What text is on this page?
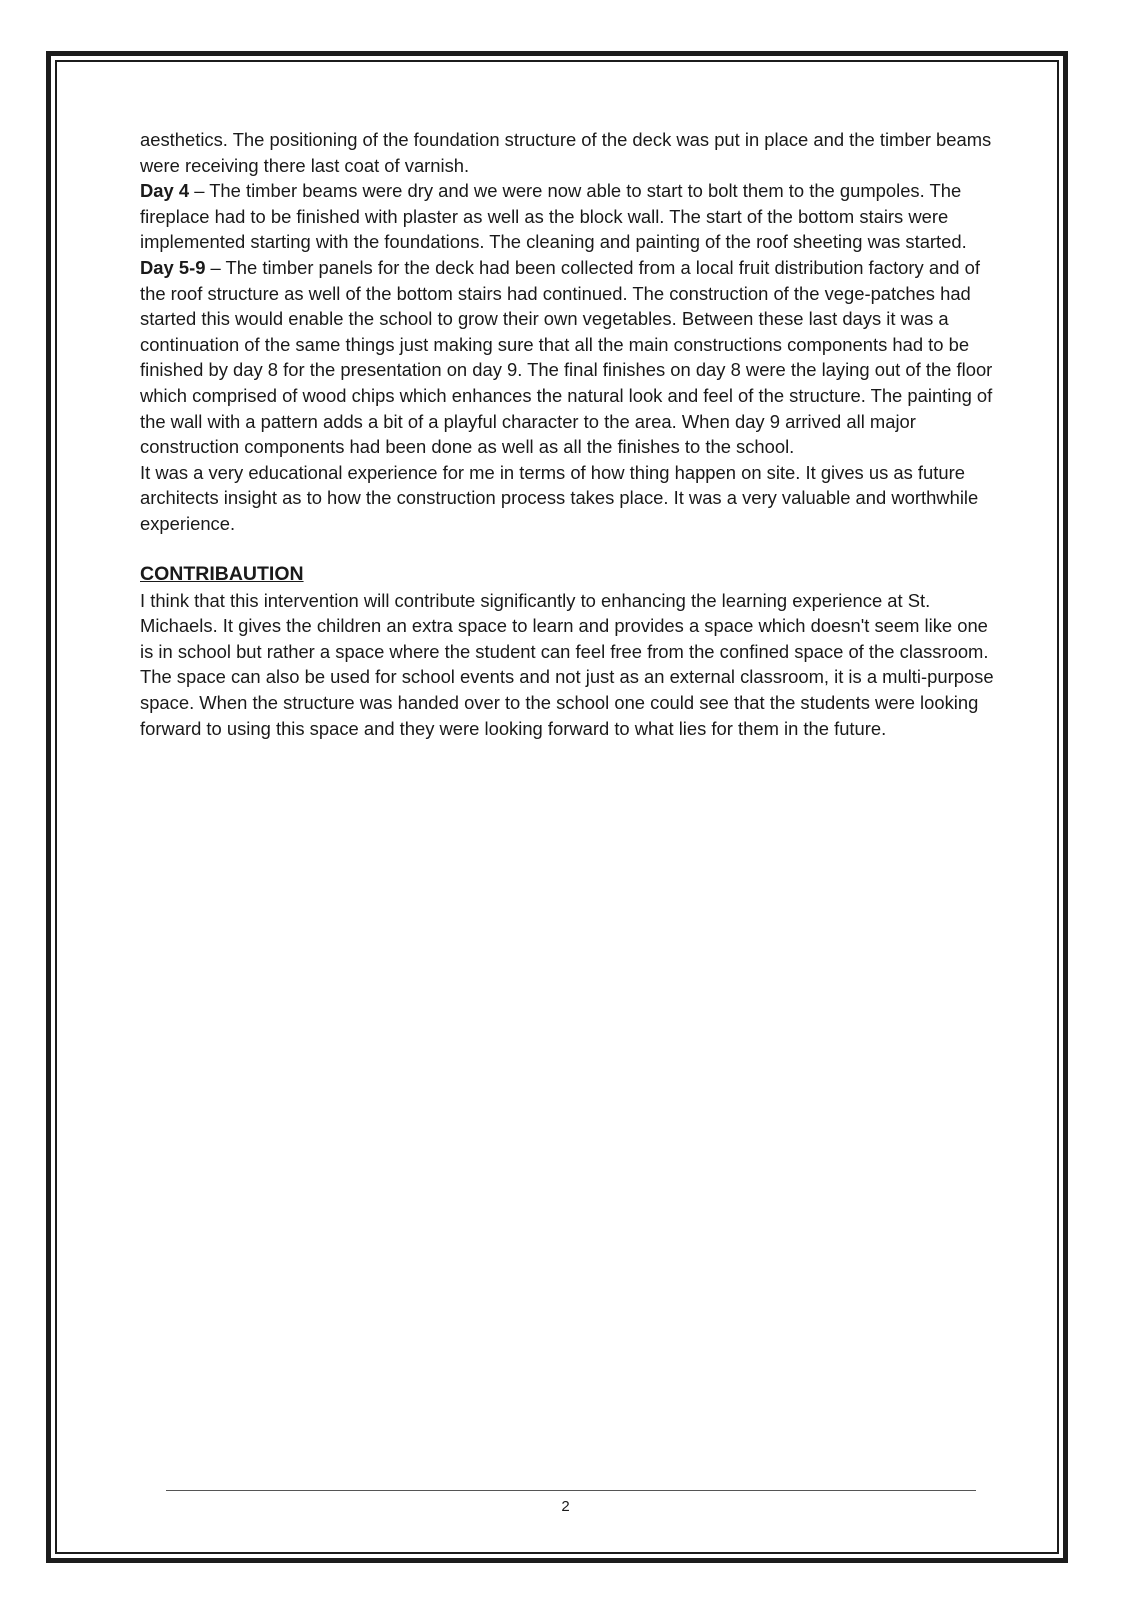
aesthetics. The positioning of the foundation structure of the deck was put in place and the timber beams were receiving there last coat of varnish.

Day 4 – The timber beams were dry and we were now able to start to bolt them to the gumpoles. The fireplace had to be finished with plaster as well as the block wall. The start of the bottom stairs were implemented starting with the foundations. The cleaning and painting of the roof sheeting was started.

Day 5-9 – The timber panels for the deck had been collected from a local fruit distribution factory and of the roof structure as well of the bottom stairs had continued. The construction of the vege-patches had started this would enable the school to grow their own vegetables. Between these last days it was a continuation of the same things just making sure that all the main constructions components had to be finished by day 8 for the presentation on day 9. The final finishes on day 8 were the laying out of the floor which comprised of wood chips which enhances the natural look and feel of the structure. The painting of the wall with a pattern adds a bit of a playful character to the area. When day 9 arrived all major construction components had been done as well as all the finishes to the school.

It was a very educational experience for me in terms of how thing happen on site. It gives us as future architects insight as to how the construction process takes place. It was a very valuable and worthwhile experience.

CONTRIBAUTION

I think that this intervention will contribute significantly to enhancing the learning experience at St. Michaels. It gives the children an extra space to learn and provides a space which doesn't seem like one is in school but rather a space where the student can feel free from the confined space of the classroom. The space can also be used for school events and not just as an external classroom, it is a multi-purpose space. When the structure was handed over to the school one could see that the students were looking forward to using this space and they were looking forward to what lies for them in the future.

2
